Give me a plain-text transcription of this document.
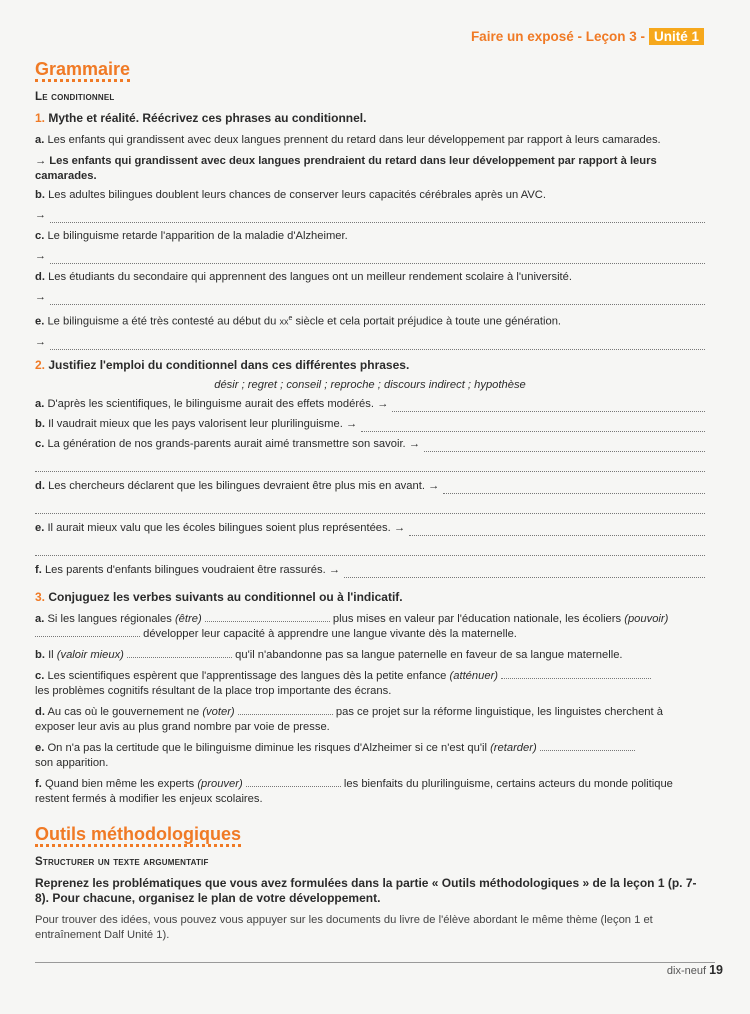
Faire un exposé - Leçon 3 - Unité 1
Grammaire
Le conditionnel
1. Mythe et réalité. Réécrivez ces phrases au conditionnel.
a. Les enfants qui grandissent avec deux langues prennent du retard dans leur développement par rapport à leurs camarades.
→ Les enfants qui grandissent avec deux langues prendraient du retard dans leur développement par rapport à leurs camarades.
b. Les adultes bilingues doublent leurs chances de conserver leurs capacités cérébrales après un AVC.
→
c. Le bilinguisme retarde l'apparition de la maladie d'Alzheimer.
→
d. Les étudiants du secondaire qui apprennent des langues ont un meilleur rendement scolaire à l'université.
→
e. Le bilinguisme a été très contesté au début du $xx^e$ siècle et cela portait préjudice à toute une génération.
→
2. Justifiez l'emploi du conditionnel dans ces différentes phrases.
désir ; regret ; conseil ; reproche ; discours indirect ; hypothèse
a. D'après les scientifiques, le bilinguisme aurait des effets modérés. →
b. Il vaudrait mieux que les pays valorisent leur plurilinguisme. →
c. La génération de nos grands-parents aurait aimé transmettre son savoir. →
d. Les chercheurs déclarent que les bilingues devraient être plus mis en avant. →
e. Il aurait mieux valu que les écoles bilingues soient plus représentées. →
f. Les parents d'enfants bilingues voudraient être rassurés. →
3. Conjuguez les verbes suivants au conditionnel ou à l'indicatif.
a. Si les langues régionales (être)	plus mises en valeur par l'éducation nationale, les écoliers (pouvoir)
développer leur capacité à apprendre une langue vivante dès la maternelle.
b. Il (valoir mieux)	qu'il n'abandonne pas sa langue paternelle en faveur de sa langue maternelle.
c. Les scientifiques espèrent que l'apprentissage des langues dès la petite enfance (atténuer)
les problèmes cognitifs résultant de la place trop importante des écrans.
d. Au cas où le gouvernement ne (voter)	pas ce projet sur la réforme linguistique, les linguistes cherchent à exposer leur avis au plus grand nombre par voie de presse.
e. On n'a pas la certitude que le bilinguisme diminue les risques d'Alzheimer si ce n'est qu'il (retarder)
son apparition.
f. Quand bien même les experts (prouver)	les bienfaits du plurilinguisme, certains acteurs du monde politique restent fermés à modifier les enjeux scolaires.
Outils méthodologiques
Structurer un texte argumentatif
Reprenez les problématiques que vous avez formulées dans la partie « Outils méthodologiques » de la leçon 1 (p. 7-8). Pour chacune, organisez le plan de votre développement.
Pour trouver des idées, vous pouvez vous appuyer sur les documents du livre de l'élève abordant le même thème (leçon 1 et entraînement Dalf Unité 1).
dix-neuf 19
